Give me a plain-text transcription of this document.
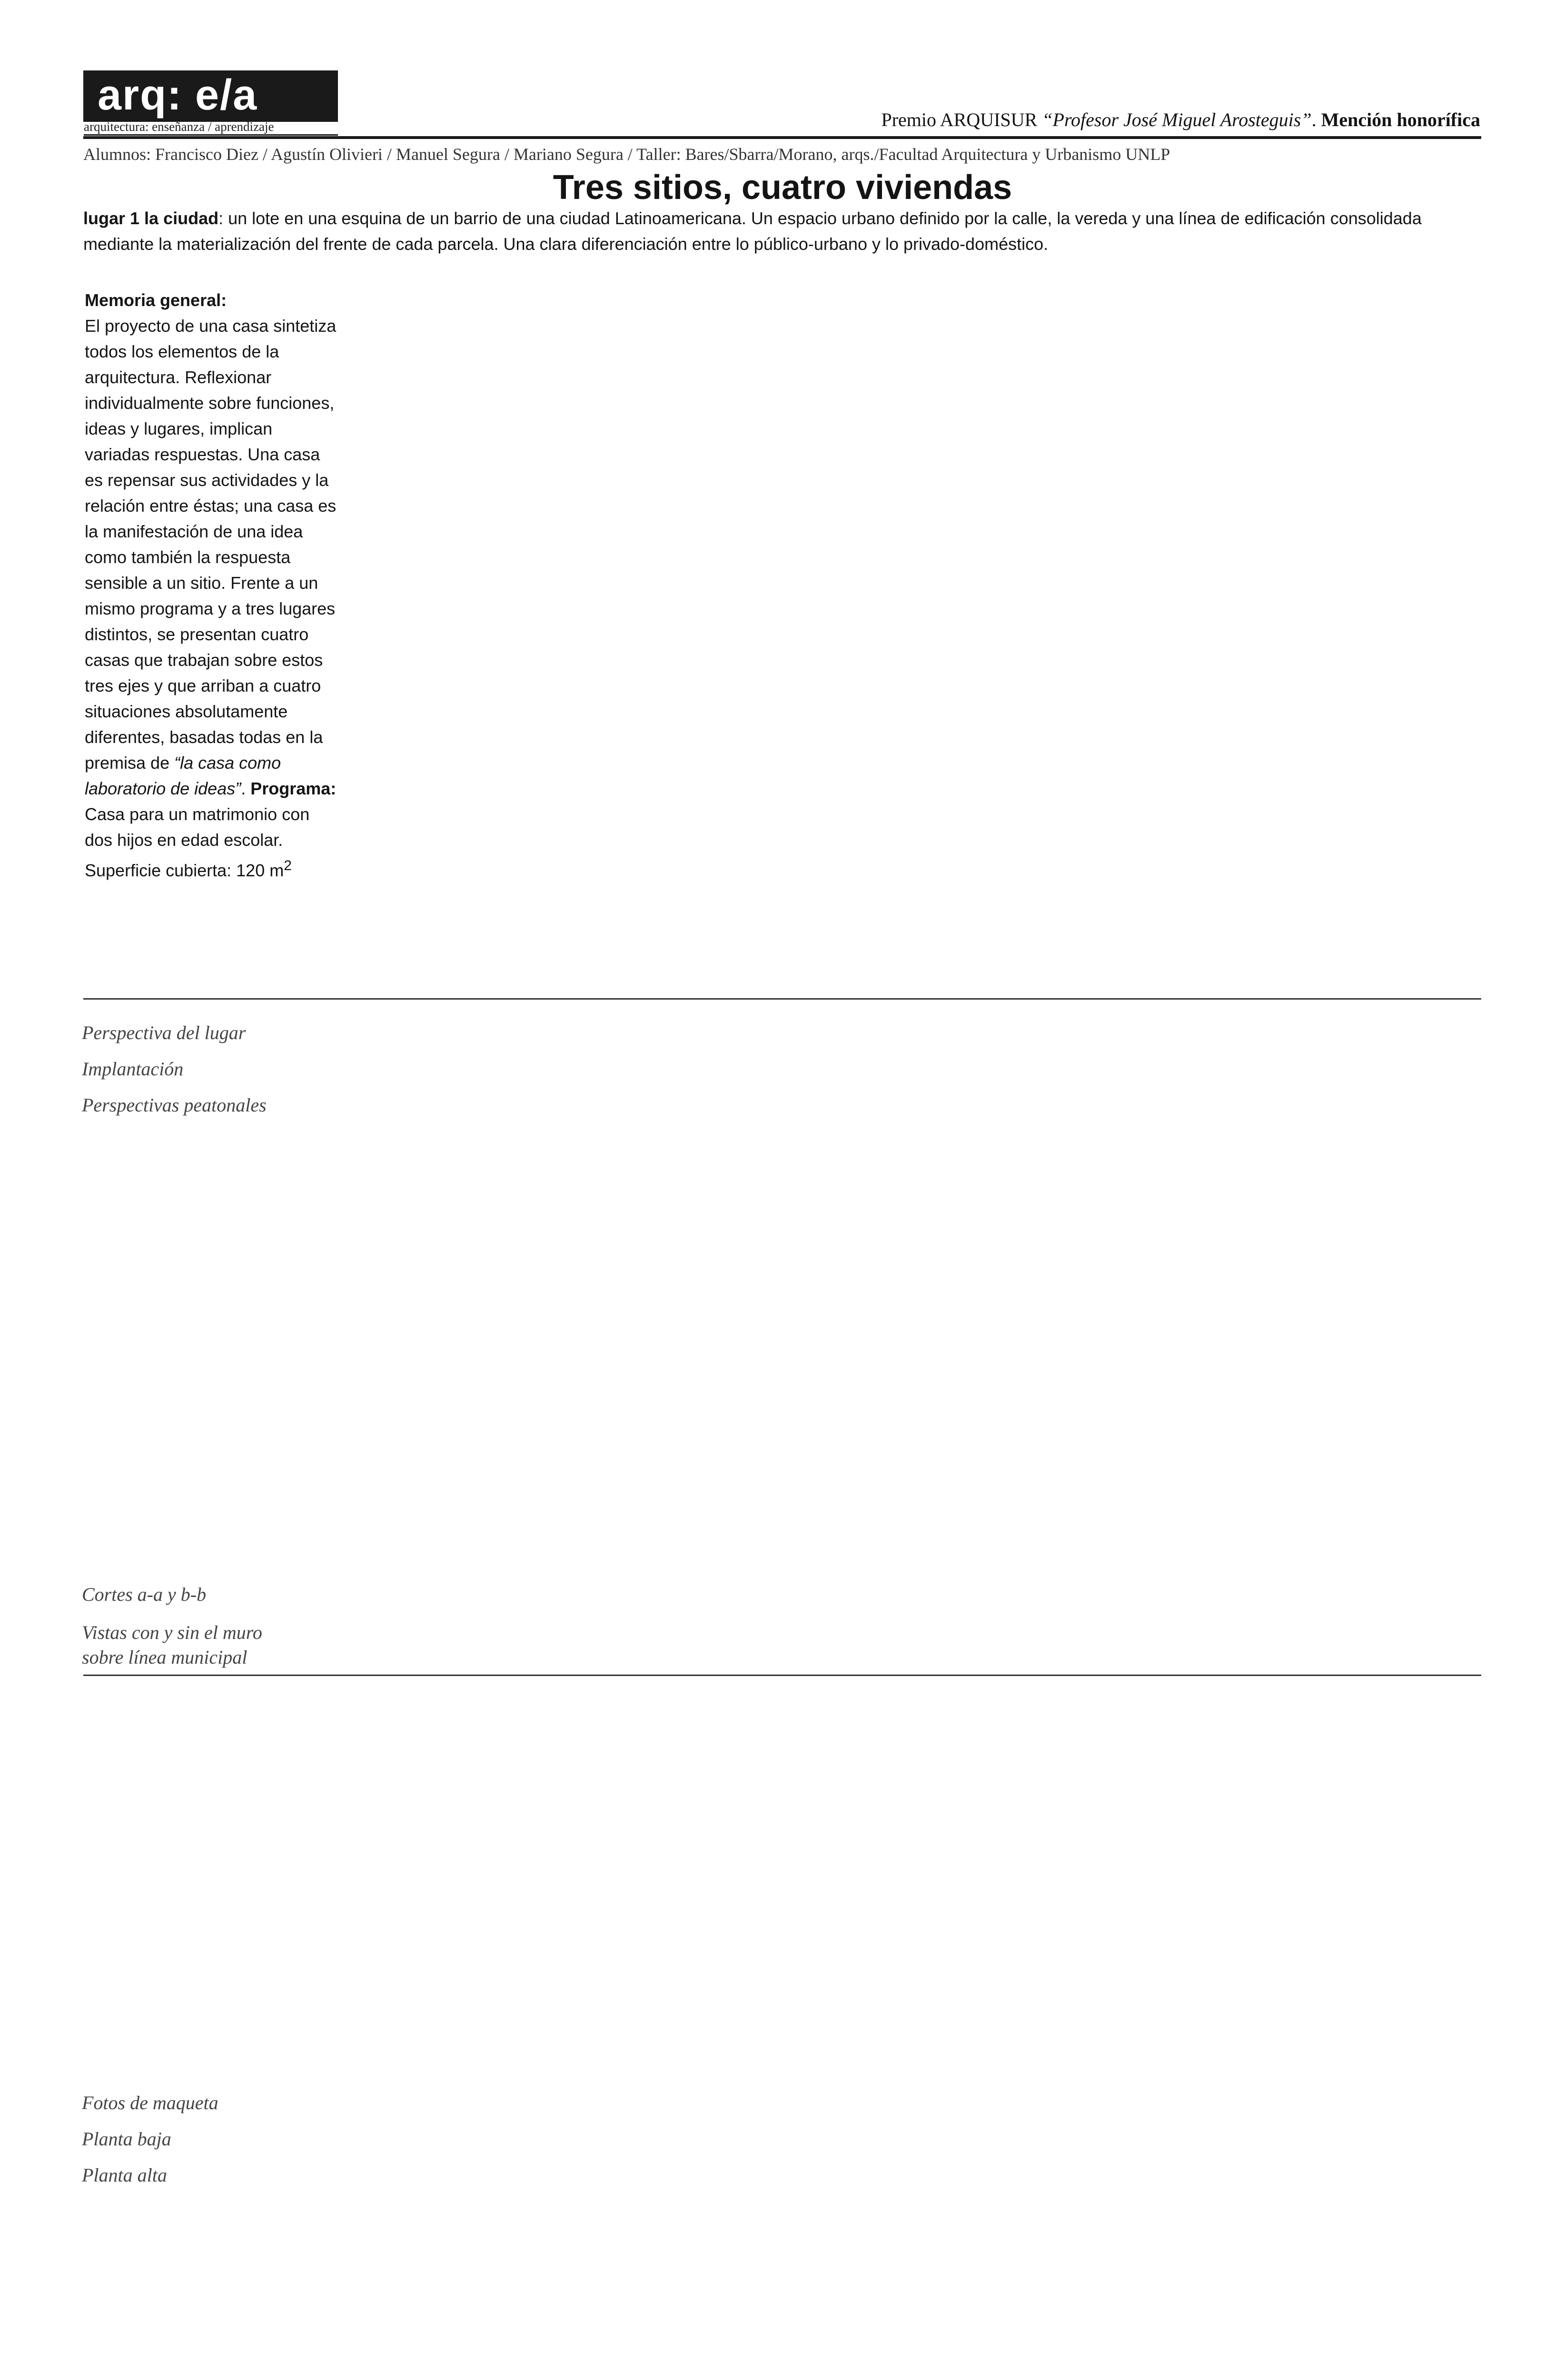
arq: e/a
arquitectura: enseñanza / aprendizaje	Premio ARQUISUR “Profesor José Miguel Arosteguis”. Mención honorífica
Alumnos: Francisco Diez / Agustín Olivieri / Manuel Segura / Mariano Segura / Taller: Bares/Sbarra/Morano, arqs./Facultad Arquitectura y Urbanismo UNLP
Tres sitios, cuatro viviendas
lugar 1 la ciudad: un lote en una esquina de un barrio de una ciudad Latinoamericana. Un espacio urbano definido por la calle, la vereda y una línea de edificación consolidada mediante la materialización del frente de cada parcela. Una clara diferenciación entre lo público-urbano y lo privado-doméstico.
Memoria general:
El proyecto de una casa sintetiza todos los elementos de la arquitectura. Reflexionar individualmente sobre funciones, ideas y lugares, implican variadas respuestas. Una casa es repensar sus actividades y la relación entre éstas; una casa es la manifestación de una idea como también la respuesta sensible a un sitio. Frente a un mismo programa y a tres lugares distintos, se presentan cuatro casas que trabajan sobre estos tres ejes y que arriban a cuatro situaciones absolutamente diferentes, basadas todas en la premisa de “la casa como laboratorio de ideas”. Programa: Casa para un matrimonio con dos hijos en edad escolar. Superficie cubierta: 120 $m^2$
Perspectiva del lugar
Implantación
Perspectivas peatonales
Cortes a-a y b-b
Vistas con y sin el muro
sobre línea municipal
Fotos de maqueta
Planta baja
Planta alta
